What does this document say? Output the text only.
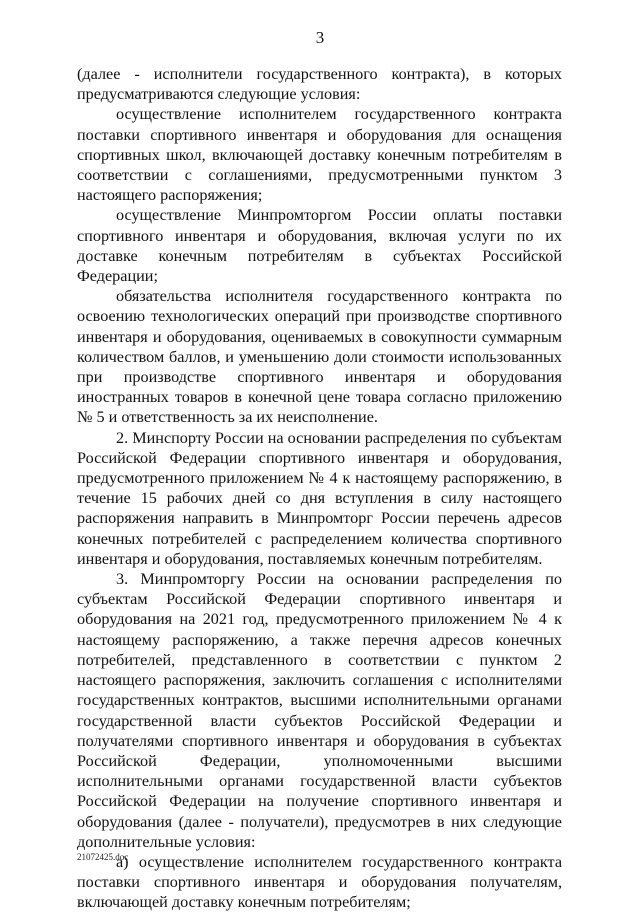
3

(далее - исполнители государственного контракта), в которых предусматриваются следующие условия:

осуществление исполнителем государственного контракта поставки спортивного инвентаря и оборудования для оснащения спортивных школ, включающей доставку конечным потребителям в соответствии с соглашениями, предусмотренными пунктом 3 настоящего распоряжения;

осуществление Минпромторгом России оплаты поставки спортивного инвентаря и оборудования, включая услуги по их доставке конечным потребителям в субъектах Российской Федерации;

обязательства исполнителя государственного контракта по освоению технологических операций при производстве спортивного инвентаря и оборудования, оцениваемых в совокупности суммарным количеством баллов, и уменьшению доли стоимости использованных при производстве спортивного инвентаря и оборудования иностранных товаров в конечной цене товара согласно приложению № 5 и ответственность за их неисполнение.

2. Минспорту России на основании распределения по субъектам Российской Федерации спортивного инвентаря и оборудования, предусмотренного приложением № 4 к настоящему распоряжению, в течение 15 рабочих дней со дня вступления в силу настоящего распоряжения направить в Минпромторг России перечень адресов конечных потребителей с распределением количества спортивного инвентаря и оборудования, поставляемых конечным потребителям.

3. Минпромторгу России на основании распределения по субъектам Российской Федерации спортивного инвентаря и оборудования на 2021 год, предусмотренного приложением № 4 к настоящему распоряжению, а также перечня адресов конечных потребителей, представленного в соответствии с пунктом 2 настоящего распоряжения, заключить соглашения с исполнителями государственных контрактов, высшими исполнительными органами государственной власти субъектов Российской Федерации и получателями спортивного инвентаря и оборудования в субъектах Российской Федерации, уполномоченными высшими исполнительными органами государственной власти субъектов Российской Федерации на получение спортивного инвентаря и оборудования (далее - получатели), предусмотрев в них следующие дополнительные условия:

а) осуществление исполнителем государственного контракта поставки спортивного инвентаря и оборудования получателям, включающей доставку конечным потребителям;

21072425.doc
